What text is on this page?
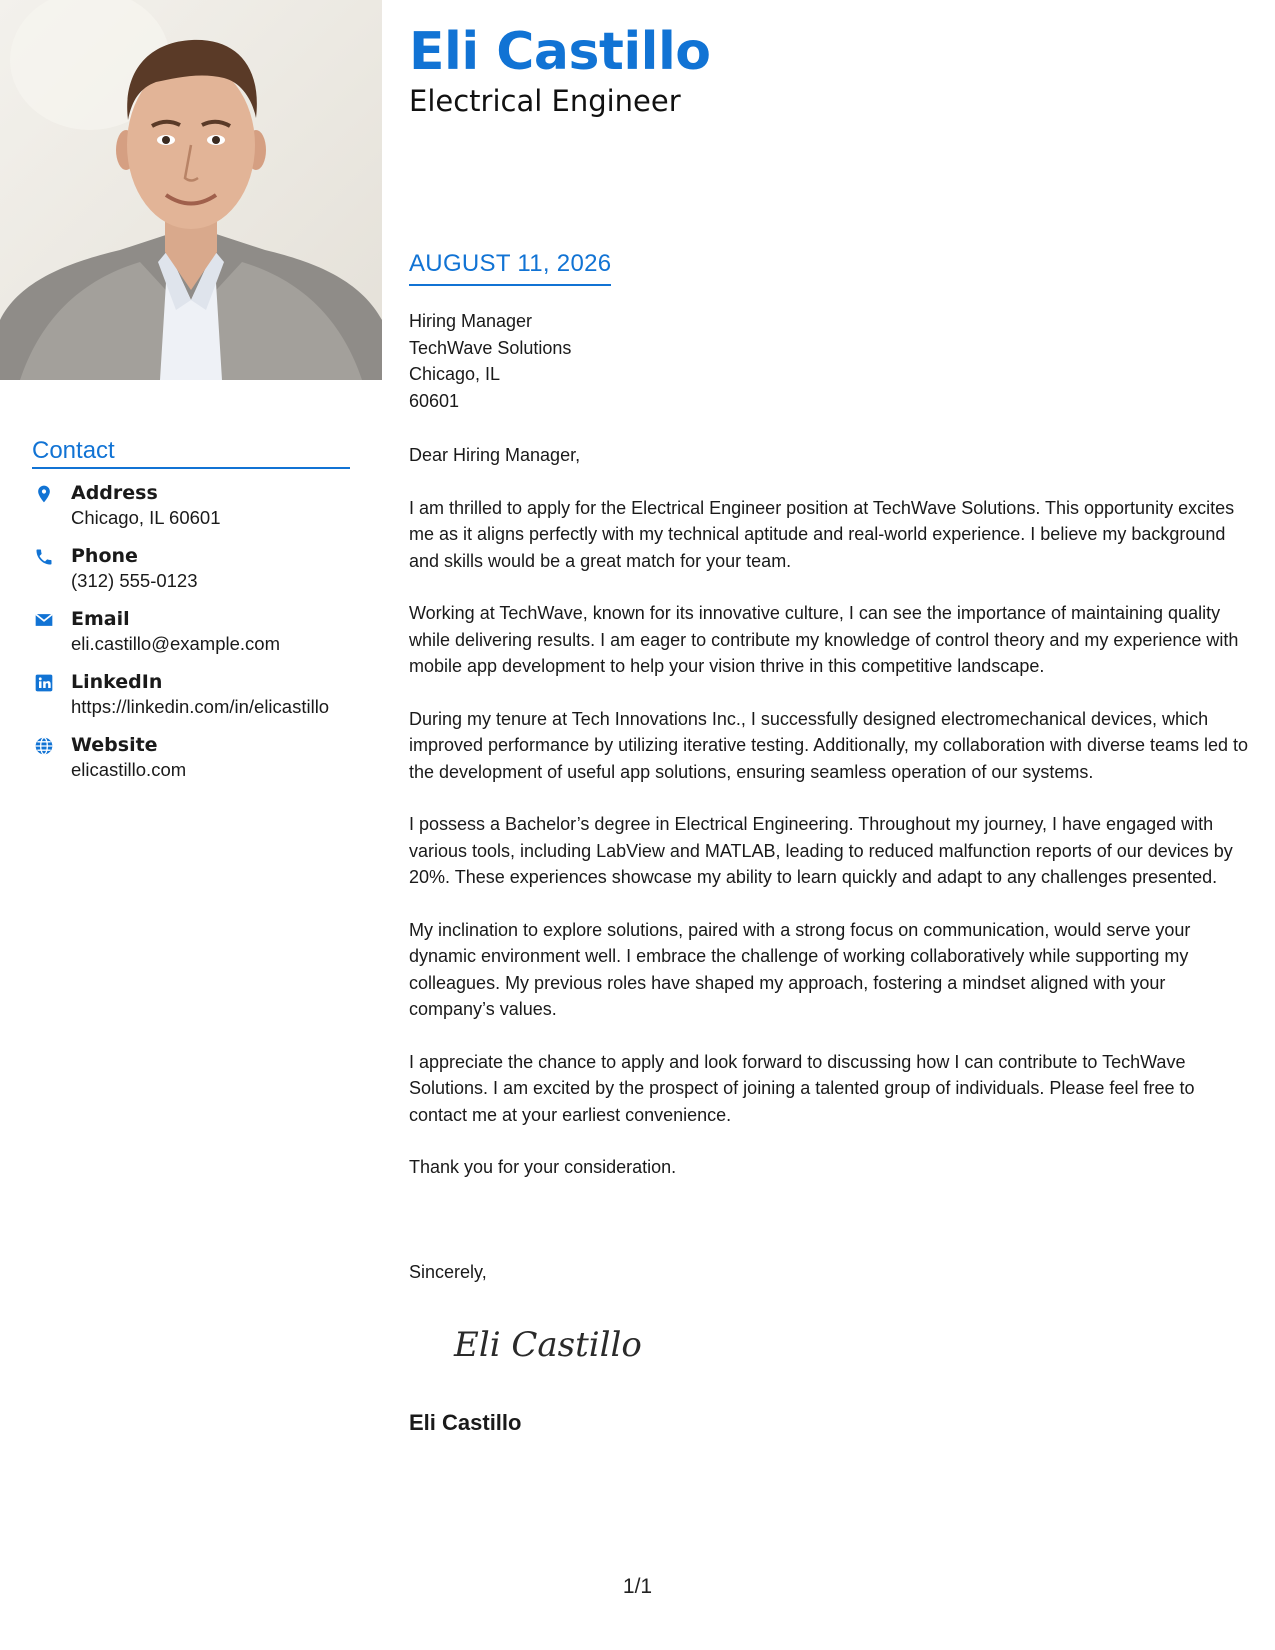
Eli Castillo
Electrical Engineer
AUGUST 11, 2026
Hiring Manager
TechWave Solutions
Chicago, IL
60601

Dear Hiring Manager,

I am thrilled to apply for the Electrical Engineer position at TechWave Solutions. This opportunity excites me as it aligns perfectly with my technical aptitude and real-world experience. I believe my background and skills would be a great match for your team.

Working at TechWave, known for its innovative culture, I can see the importance of maintaining quality while delivering results. I am eager to contribute my knowledge of control theory and my experience with mobile app development to help your vision thrive in this competitive landscape.

During my tenure at Tech Innovations Inc., I successfully designed electromechanical devices, which improved performance by utilizing iterative testing. Additionally, my collaboration with diverse teams led to the development of useful app solutions, ensuring seamless operation of our systems.

I possess a Bachelor’s degree in Electrical Engineering. Throughout my journey, I have engaged with various tools, including LabView and MATLAB, leading to reduced malfunction reports of our devices by 20%. These experiences showcase my ability to learn quickly and adapt to any challenges presented.

My inclination to explore solutions, paired with a strong focus on communication, would serve your dynamic environment well. I embrace the challenge of working collaboratively while supporting my colleagues. My previous roles have shaped my approach, fostering a mindset aligned with your company’s values.

I appreciate the chance to apply and look forward to discussing how I can contribute to TechWave Solutions. I am excited by the prospect of joining a talented group of individuals. Please feel free to contact me at your earliest convenience.

Thank you for your consideration.

Sincerely,
Eli Castillo
Eli Castillo
Contact
Address
Chicago, IL 60601
Phone
(312) 555-0123
Email
eli.castillo@example.com
LinkedIn
https://linkedin.com/in/elicastillo
Website
elicastillo.com
1/1
